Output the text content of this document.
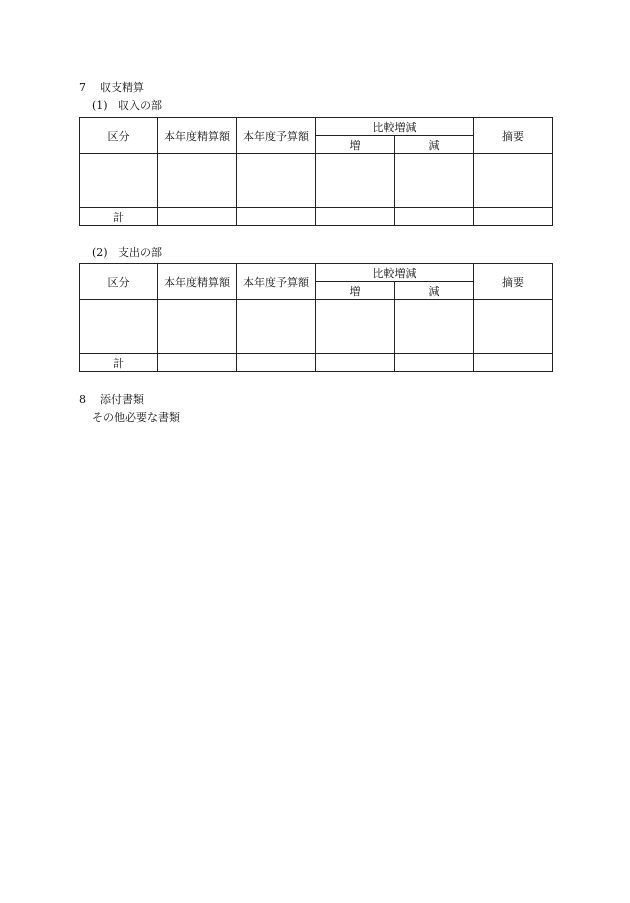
7 収支精算
(1) 収入の部
区分	本年度精算額	本年度予算額	比較増減		摘要
			増	減	

計					
(2) 支出の部
区分	本年度精算額	本年度予算額	比較増減		摘要
			増	減	

計					
8 添付書類
その他必要な書類
